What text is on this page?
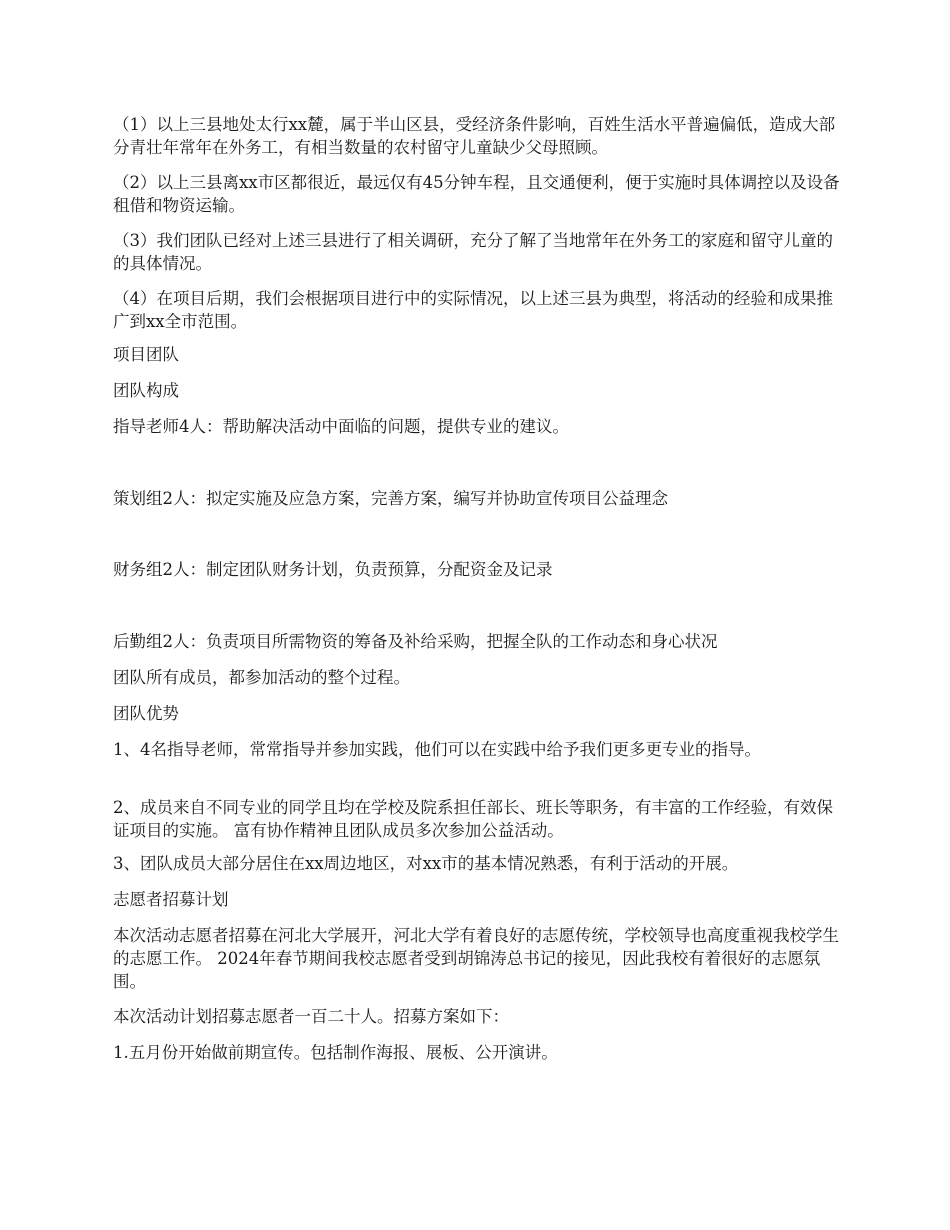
（1）以上三县地处太行xx麓，属于半山区县，受经济条件影响，百姓生活水平普遍偏低，造成大部分青壮年常年在外务工，有相当数量的农村留守儿童缺少父母照顾。

（2）以上三县离xx市区都很近，最远仅有45分钟车程，且交通便利，便于实施时具体调控以及设备租借和物资运输。

（3）我们团队已经对上述三县进行了相关调研，充分了解了当地常年在外务工的家庭和留守儿童的的具体情况。

（4）在项目后期，我们会根据项目进行中的实际情况，以上述三县为典型，将活动的经验和成果推广到xx全市范围。

项目团队

团队构成

指导老师4人：帮助解决活动中面临的问题，提供专业的建议。

策划组2人：拟定实施及应急方案，完善方案，编写并协助宣传项目公益理念

财务组2人：制定团队财务计划，负责预算，分配资金及记录

后勤组2人：负责项目所需物资的筹备及补给采购，把握全队的工作动态和身心状况

团队所有成员，都参加活动的整个过程。

团队优势

1、4名指导老师，常常指导并参加实践，他们可以在实践中给予我们更多更专业的指导。

2、成员来自不同专业的同学且均在学校及院系担任部长、班长等职务，有丰富的工作经验，有效保证项目的实施。 富有协作精神且团队成员多次参加公益活动。

3、团队成员大部分居住在xx周边地区，对xx市的基本情况熟悉，有利于活动的开展。

志愿者招募计划

本次活动志愿者招募在河北大学展开，河北大学有着良好的志愿传统，学校领导也高度重视我校学生的志愿工作。 2024年春节期间我校志愿者受到胡锦涛总书记的接见，因此我校有着很好的志愿氛围。

本次活动计划招募志愿者一百二十人。招募方案如下：

1.五月份开始做前期宣传。包括制作海报、展板、公开演讲。
